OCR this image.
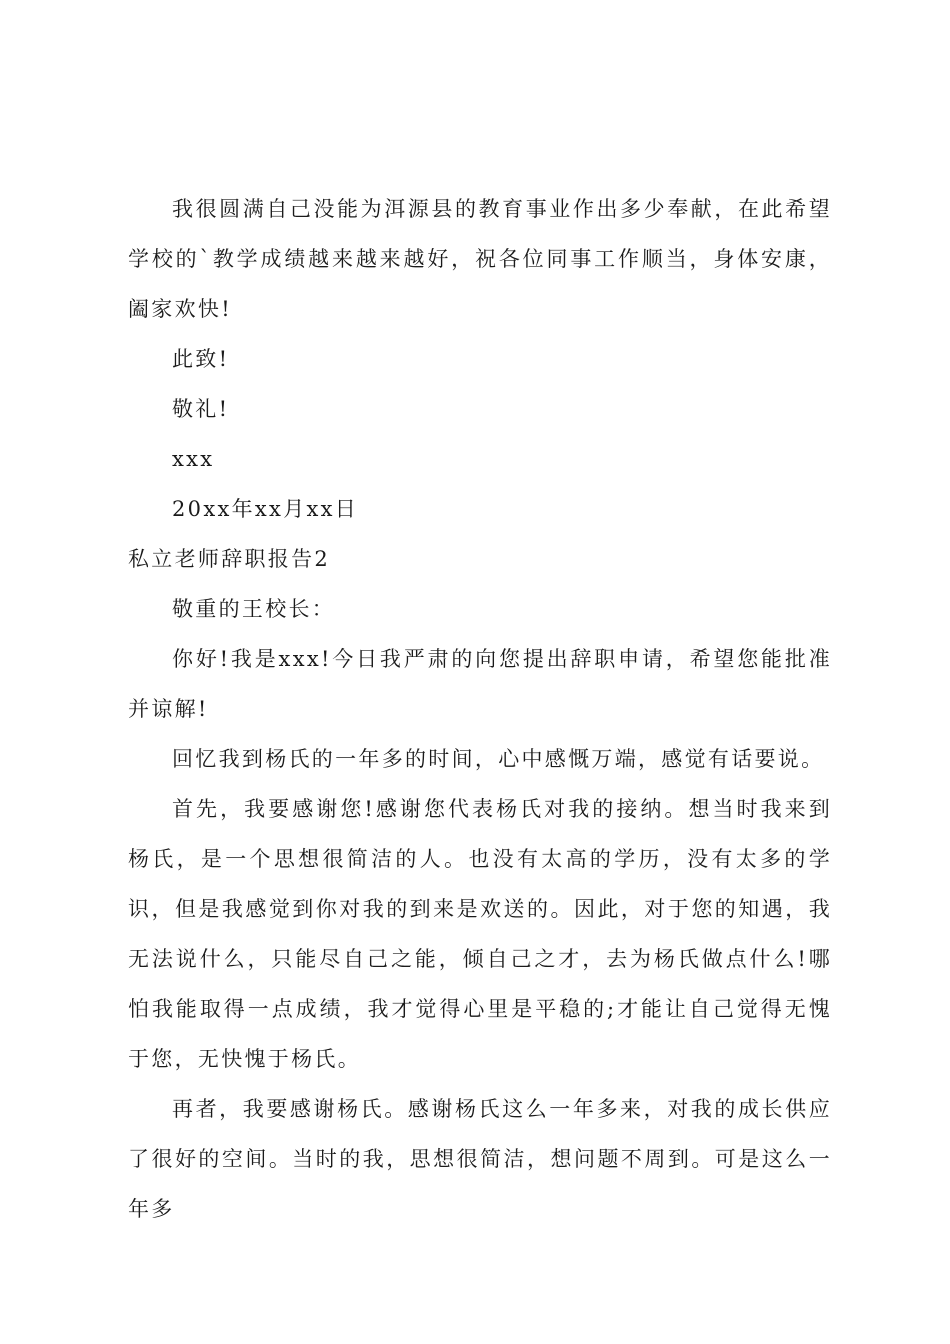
我很圆满自己没能为洱源县的教育事业作出多少奉献，在此希望学校的`教学成绩越来越来越好，祝各位同事工作顺当，身体安康，阖家欢快!

此致!

敬礼!

xxx

20xx年xx月xx日

私立老师辞职报告2

敬重的王校长：

你好!我是xxx!今日我严肃的向您提出辞职申请，希望您能批准并谅解!

回忆我到杨氏的一年多的时间，心中感慨万端，感觉有话要说。

首先，我要感谢您!感谢您代表杨氏对我的接纳。想当时我来到杨氏，是一个思想很简洁的人。也没有太高的学历，没有太多的学识，但是我感觉到你对我的到来是欢送的。因此，对于您的知遇，我无法说什么，只能尽自己之能，倾自己之才，去为杨氏做点什么!哪怕我能取得一点成绩，我才觉得心里是平稳的;才能让自己觉得无愧于您，无快愧于杨氏。

再者，我要感谢杨氏。感谢杨氏这么一年多来，对我的成长供应了很好的空间。当时的我，思想很简洁，想问题不周到。可是这么一年多
